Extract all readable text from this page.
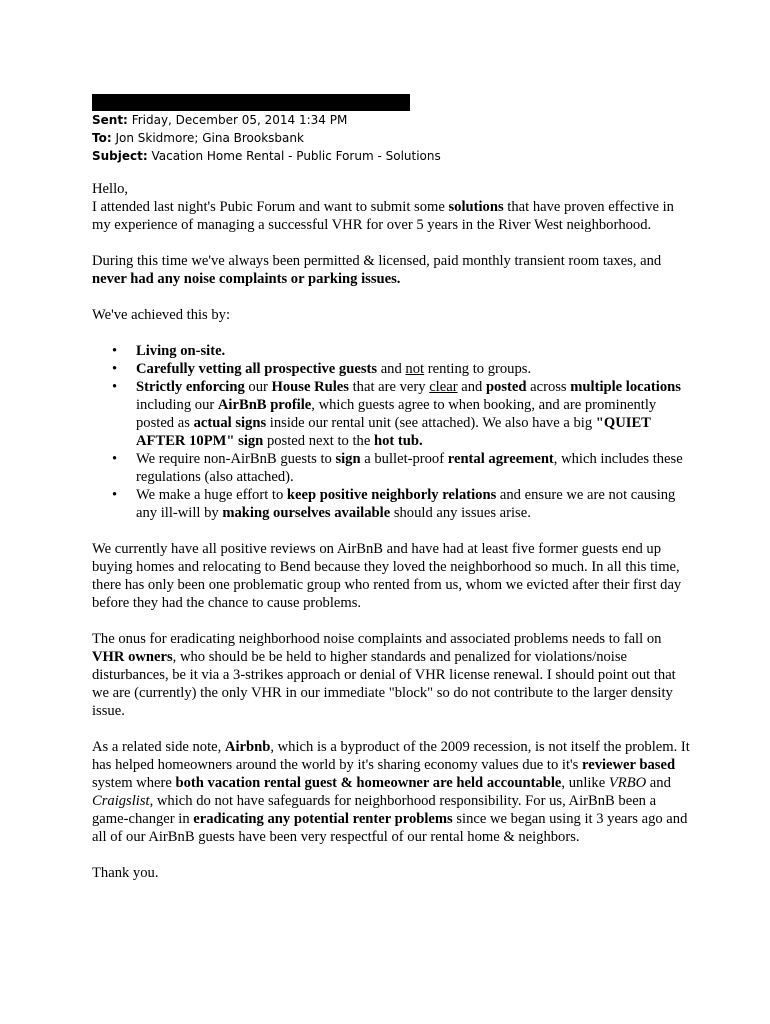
Sent: Friday, December 05, 2014 1:34 PM
To: Jon Skidmore; Gina Brooksbank
Subject: Vacation Home Rental - Public Forum - Solutions

Hello,

I attended last night's Pubic Forum and want to submit some solutions that have proven effective in my experience of managing a successful VHR for over 5 years in the River West neighborhood.

During this time we've always been permitted & licensed, paid monthly transient room taxes, and never had any noise complaints or parking issues.

We've achieved this by:

• Living on-site.
• Carefully vetting all prospective guests and not renting to groups.
• Strictly enforcing our House Rules that are very clear and posted across multiple locations including our AirBnB profile, which guests agree to when booking, and are prominently posted as actual signs inside our rental unit (see attached). We also have a big "QUIET AFTER 10PM" sign posted next to the hot tub.
• We require non-AirBnB guests to sign a bullet-proof rental agreement, which includes these regulations (also attached).
• We make a huge effort to keep positive neighborly relations and ensure we are not causing any ill-will by making ourselves available should any issues arise.

We currently have all positive reviews on AirBnB and have had at least five former guests end up buying homes and relocating to Bend because they loved the neighborhood so much. In all this time, there has only been one problematic group who rented from us, whom we evicted after their first day before they had the chance to cause problems.

The onus for eradicating neighborhood noise complaints and associated problems needs to fall on VHR owners, who should be be held to higher standards and penalized for violations/noise disturbances, be it via a 3-strikes approach or denial of VHR license renewal. I should point out that we are (currently) the only VHR in our immediate "block" so do not contribute to the larger density issue.

As a related side note, Airbnb, which is a byproduct of the 2009 recession, is not itself the problem. It has helped homeowners around the world by it's sharing economy values due to it's reviewer based system where both vacation rental guest & homeowner are held accountable, unlike VRBO and Craigslist, which do not have safeguards for neighborhood responsibility. For us, AirBnB been a game-changer in eradicating any potential renter problems since we began using it 3 years ago and all of our AirBnB guests have been very respectful of our rental home & neighbors.

Thank you.
